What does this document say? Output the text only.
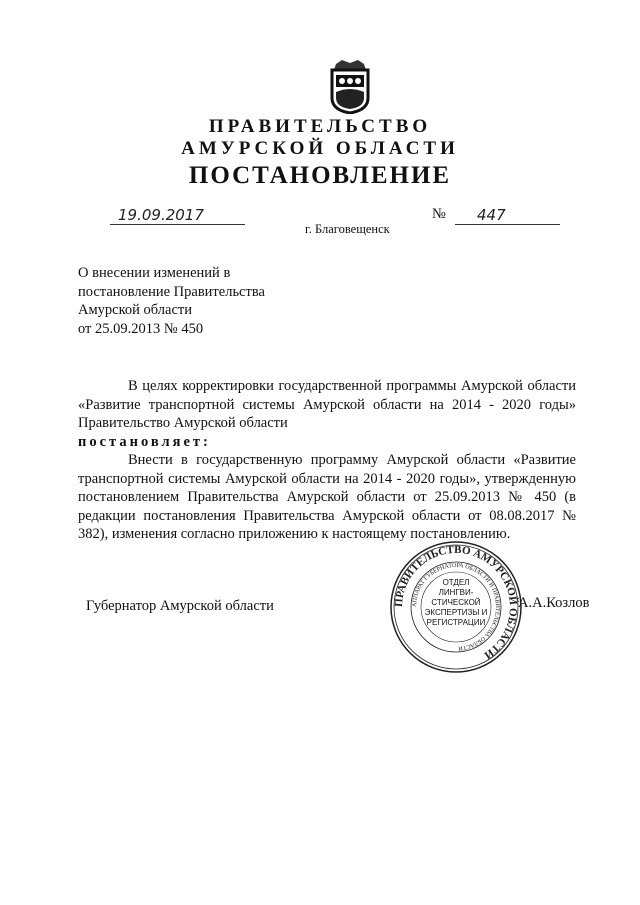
ПРАВИТЕЛЬСТВО
АМУРСКОЙ ОБЛАСТИ
ПОСТАНОВЛЕНИЕ
19.09.2017	№	447
г. Благовещенск
О внесении изменений в
постановление Правительства
Амурской области
от 25.09.2013 № 450
В целях корректировки государственной программы Амурской области «Развитие транспортной системы Амурской области на 2014 - 2020 годы» Правительство Амурской области
постановляет:
Внести в государственную программу Амурской области «Развитие транспортной системы Амурской области на 2014 - 2020 годы», утвержденную постановлением Правительства Амурской области от 25.09.2013 № 450 (в редакции постановления Правительства Амурской области от 08.08.2017 № 382), изменения согласно приложению к настоящему постановлению.
Губернатор Амурской области	А.А.Козлов
ПРАВИТЕЛЬСТВО АМУРСКОЙ ОБЛАСТИ
АППАРАТ ГУБЕРНАТОРА ОБЛАСТИ И ПРАВИТЕЛЬСТВА ОБЛАСТИ
ОТДЕЛ
ЛИНГВИ-
СТИЧЕСКОЙ
ЭКСПЕРТИЗЫ И
РЕГИСТРАЦИИ
